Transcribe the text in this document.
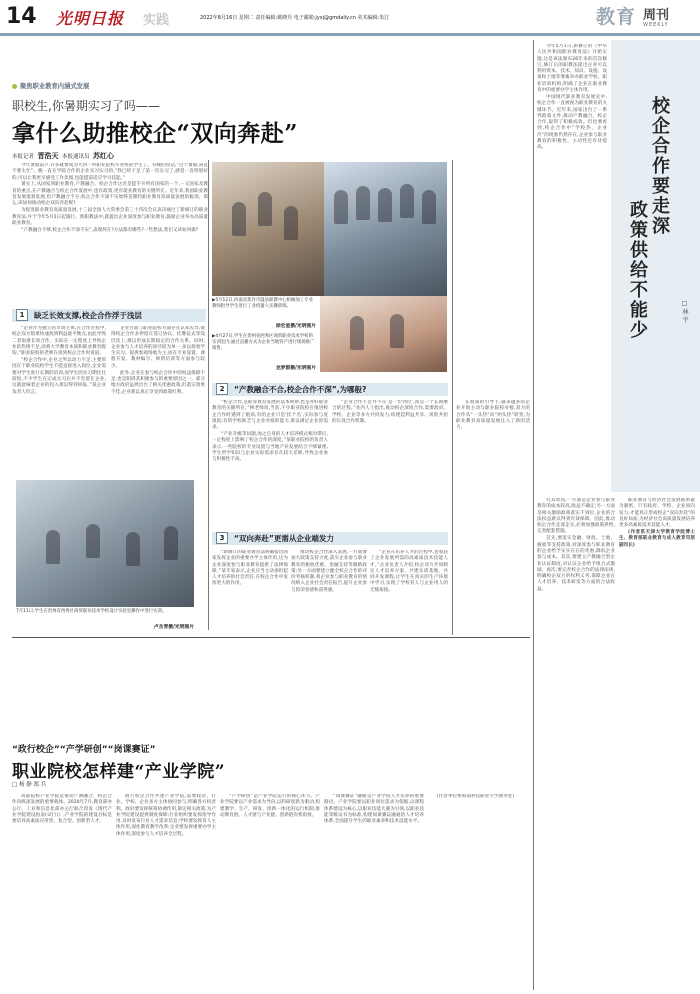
14 光明日报 实践	2022年8月16日 星期二 责任编辑:姚晓丹 电子邮箱:jyxj@gmdaily.cn 美术编辑:朱江	教育 周刊
WEEKLY
聚焦职业教育内涵式发展
职校生,你暑期实习了吗——
拿什么助推校企“双向奔赴”
本报记者 晋浩天 本报通讯员 苏红心

今年暑假前夕,许多就要成为大四一所职业院校毕业班的学生了。有晚的说话,“这个暑假,简直不要太忙”。晚一直在学院合作的企业实习实习的,“我已经干足了第一次实习了,感觉一直特别好的,可以让我更早感受工作氛围,也能提前适应学习技能。”

暑实上,从国家到职业教育,产教融合、校企合作这近是提手开所有国家的一个,一又国家及教育的重点,在产教融合与校企合作发展中,也有政策,更有就业教育的关键所在。近年来,我国职业教育发展蓬勃发展,但产教融合不分,校企合作不深不实始终是制约职业教育高质量发展的瓶颈。那么,该如何推动校企双向奔赴呢?

为促进职业教育高质量发展,十三届全国人大常委会第三十四次会议表决通过了新修订的职业教育法,并于今年5月1日起施行。新职教法中,就提出企业深度参与职业教育,鼓励企业举办高质量职业教育。

“产教融合不够,校企合作不深不实”,表现何在?方法都有哪些?一些想法,我们又该如何做?

▶5月12日,河南省焦作市温县职教中心机械加工专业教师指导学生进行工业机器人实操训练。
徐宏星摄/光明图片
▶4月27日,学生在贵州省西秀区商贸职业技术学校的实训室内,通过直播方式为企业当地特产进行现场推广销售。
龙梦群摄/光明图片
7月11日,学生在贵州省西秀区商贸职业技术学校设计实验室操作中进行实训。
卢杰青摄/光明图片
1 缺乏长效支撑,校企合作浮于浅层

“企业作为独立的市场主体,在合作过程中,校企双方很难快速找到利益最平衡点,由此导致二者很难长效合作。实际在一定程度上导致企业的热情不足,而将大学教育本质和职业教育脱钩。”职业院校的老师在谈到校企合作时说道。

“校企合作中,企业之所以动力不足,主要原因在于职业院校学生不能直接进入岗位,企业需要对学生进行长期的培训,而学生的实习期往往较短,不少学生在完成实习后并不会留在企业,这就意味着企业的投入难以得到回报。”某企业负责人坦言。

企业方面与职业院校方面存在认知差异,使得校企合作多停留在签订协议、挂牌仪式等浅层次上,难以形成长期稳定的合作关系。同时,企业参与人才培养的途径较为单一,多以接收学生实习、提供参观场地为主,而在专业设置、课程开发、教材编写、师资培训等方面参与较少。

此外,企业在参与校企合作中的权益保障不足,也是阻碍其积极参与的重要原因之一。部分地方政府虽然出台了相关优惠政策,但落实效果不佳,企业难以真正享受到政策红利。	2 “产教融合不合,校企合作不深”,为哪般?

“校企合作,是职业教育发展的基本规律,也是办好职业教育的关键所在。”林老师说,当前,不少职业院校在推进校企合作时遇到了瓶颈,有的企业只是‘挂个名’,实际参与度很低;有的学校缺乏与企业对接的能力,难以满足企业的需求。

“产业升级等问题,加之自身的人才培养模式相对滞后,一定程度上影响了校企合作的深度。”某职业院校的负责人表示,一些院校的专业设置与当地产业发展结合不够紧密,学生所学知识与企业实际需求存在较大差距,导致企业参与积极性不高。

“企业合作不足并不在‘是一步到位’,而是一个长期磨合的过程。”业内人士指出,推动校企深度合作,需要政府、学校、企业等多方共同发力,构建起利益共享、风险共担的长效合作机制。

3 “双向奔赴”更需从企业端发力

“新修订的职业教育法明确提出国家发挥企业的重要办学主体作用,这为企业深度参与职业教育提供了法律保障。”某专家表示,企业应当主动承担起人才培养的社会责任,在校企合作中发挥更大的作用。

推动校企合作深入发展,一方面要加大政策支持力度,落实企业参与职业教育的税收优惠、金融支持等激励政策;另一方面要建立健全校企合作的评价考核机制,将企业参与职业教育的情况纳入企业社会责任报告,提升企业参与的荣誉感和获得感。

“企业在培养人才的过程中,也收获了企业发展所需的高素质技术技能人才。”企业负责人介绍,校企双方共同制定人才培养方案、共建实训基地、共同开发课程,让学生在真实的生产环境中学习,实现了学校育人与企业用人的无缝衔接。

在政策的引导下,越来越多的企业开始主动与职业院校对接,双方的合作从“一头热”向“两头热”转变,为职业教育高质量发展注入了新的活力。

“政行校企”“产学研创”“岗课赛证”
职业院校怎样建“产业学院”
□ 杨 静 郑 兵

高职院校产业学院是推动产教融合、校企合作向纵深发展的重要载体。2020年7月,教育部办公厅、工业和信息化部办公厅联合印发《现代产业学院建设指南(试行)》,产业学院的建设目标是要培养高素质应用型、复合型、创新型人才。

政行校企合作共建产业学院,需要政府、行业、学校、企业多方主体协同参与,明确各方权责利。政府要发挥统筹协调作用,制定相关政策,为产业学院建设提供制度保障;行业组织要发挥指导作用,及时发布行业人才需求信息;学校要发挥育人主体作用,深化教育教学改革;企业要发挥重要办学主体作用,深度参与人才培养全过程。

“产学研创”是产业学院运行的核心环节。产业学院要以产业需求为导向,以科研创新为驱动,构建教学、生产、研发、创新一体化的运行机制,推动教育链、人才链与产业链、创新链有机衔接。

“岗课赛证”融通是产业学院人才培养的重要路径。产业学院要以职业岗位需求为依据,以课程体系建设为核心,以职业技能大赛为引领,以职业技能等级证书为标准,构建岗课赛证融通的人才培养体系,全面提升学生的职业素养和技术技能水平。

(作者单位系海南科技职业大学教务处)

校企合作要走深
政策供给不能少	□ 林 宇

今年5月1日,新修订的《中华人民共和国职业教育法》开始实施,这是该法颁布26年来的首次修订,修订后的职教法提出企业可以利用资本、技术、知识、设施、设备和土地等要素举办职业学校、职业培训机构,明确了企业在职业教育中的重要办学主体作用。

中国现代职业教育发展史中,校企合作一直被视为职业教育的关键环节。近年来,国家出台了一系列政策文件,推动产教融合、校企合作,取得了积极成效。但也要看到,校企合作中“学校热、企业冷”的现象仍然存在,企业参与职业教育的积极性、主动性还有待提高。

究其原因,一方面是企业参与职业教育的成本较高,收益不确定;另一方面是相关激励政策落实不到位,企业的合法权益难以得到有效保障。因此,推动校企合作走深走实,必须加强政策供给,完善配套措施。

首先,要落实金融、财政、土地、税收等支持政策,对深度参与职业教育的企业给予实实在在的优惠,降低企业参与成本。其次,要建立产教融合型企业认证制度,对认证企业给予组合式激励。再次,要完善校企合作的法律法规,明确校企双方的权利义务,保障企业在人才培养、技术研发等方面的合法收益。

职业教育与经济社会发展联系最为紧密。只有政府、学校、企业同向发力,才能真正形成校企“双向奔赴”的良好局面,为经济社会高质量发展培养更多高素质技术技能人才。

(作者系天津大学教育学院博士生、教育部职业教育与成人教育司原副司长)
